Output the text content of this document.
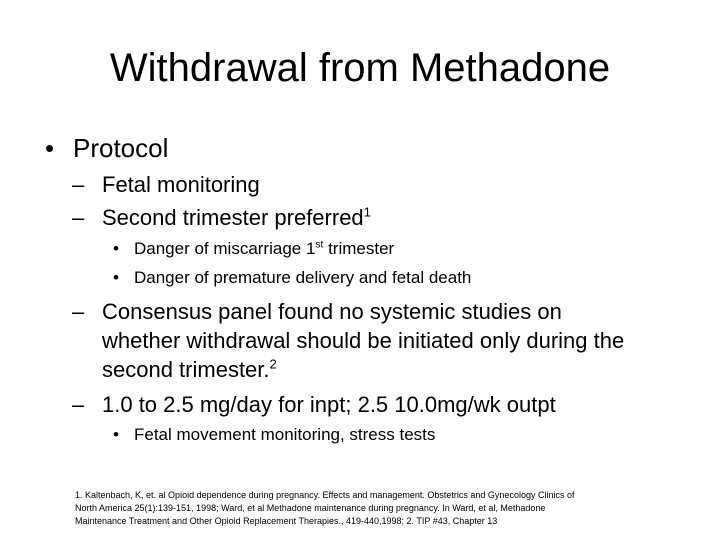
Withdrawal from Methadone
• Protocol
– Fetal monitoring
– Second trimester preferred$^1$
• Danger of miscarriage 1st trimester
• Danger of premature delivery and fetal death
– Consensus panel found no systemic studies on
whether withdrawal should be initiated only during the
second trimester.$^2$
– 1.0 to 2.5 mg/day for inpt; 2.5 10.0mg/wk outpt
• Fetal movement monitoring, stress tests
1. Kaltenbach, K, et. al Opioid dependence during pregnancy. Effects and management. Obstetrics and Gynecology Clinics of
North America 25(1):139-151, 1998; Ward, et al Methadone maintenance during pregnancy. In Ward, et al, Methadone
Maintenance Treatment and Other Opioid Replacement Therapies., 419-440,1998; 2. TIP #43, Chapter 13
